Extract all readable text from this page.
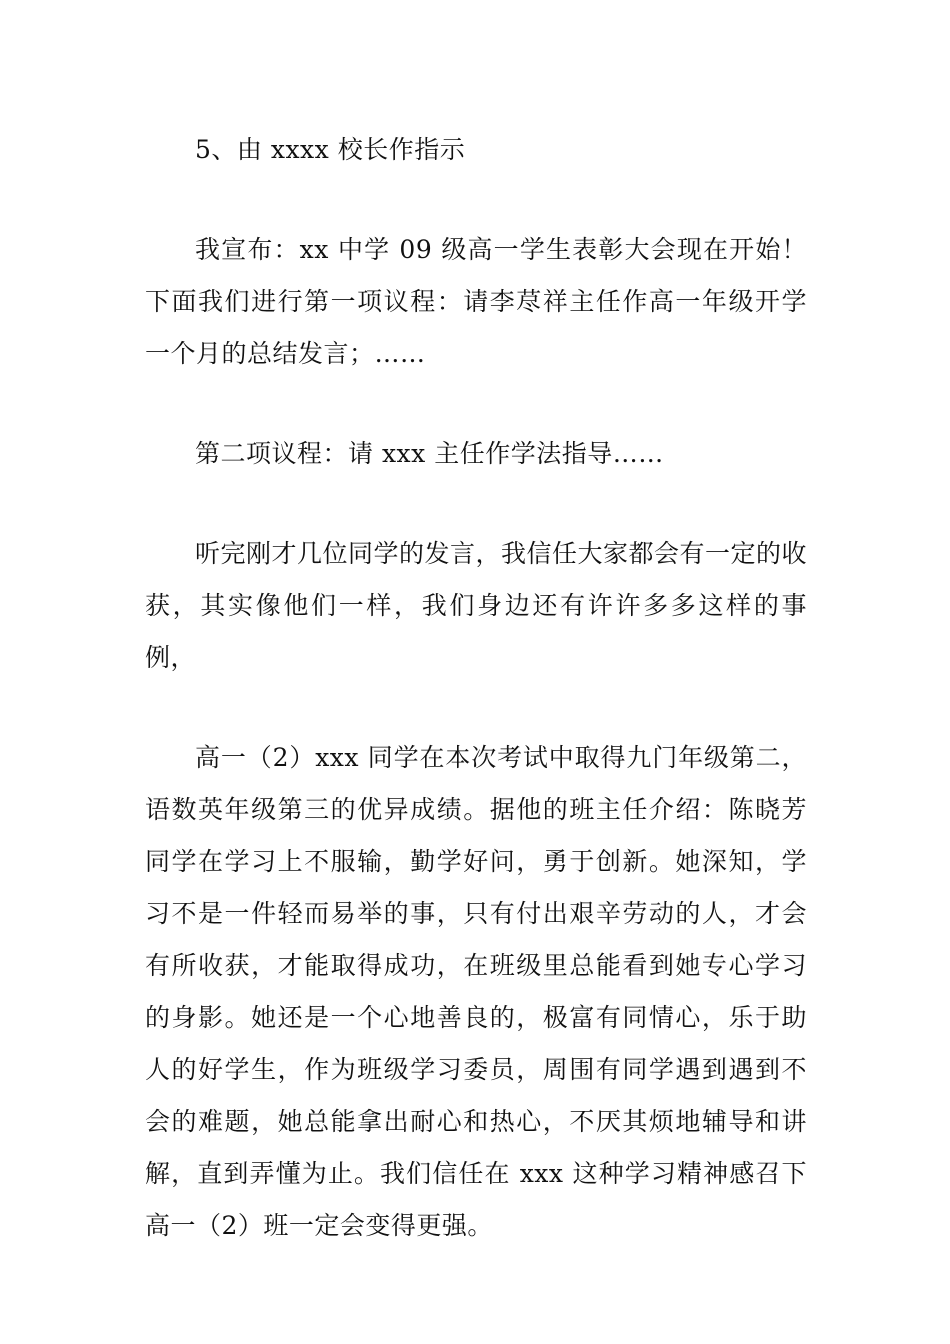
5、由 xxxx 校长作指示

我宣布：xx 中学 09 级高一学生表彰大会现在开始！下面我们进行第一项议程：请李荩祥主任作高一年级开学一个月的总结发言；……

第二项议程：请 xxx 主任作学法指导……

听完刚才几位同学的发言，我信任大家都会有一定的收获，其实像他们一样，我们身边还有许许多多这样的事例，

高一（2）xxx 同学在本次考试中取得九门年级第二，语数英年级第三的优异成绩。据他的班主任介绍：陈晓芳同学在学习上不服输，勤学好问，勇于创新。她深知，学习不是一件轻而易举的事，只有付出艰辛劳动的人，才会有所收获，才能取得成功，在班级里总能看到她专心学习的身影。她还是一个心地善良的，极富有同情心，乐于助人的好学生，作为班级学习委员，周围有同学遇到遇到不会的难题，她总能拿出耐心和热心，不厌其烦地辅导和讲解，直到弄懂为止。我们信任在 xxx 这种学习精神感召下高一（2）班一定会变得更强。
